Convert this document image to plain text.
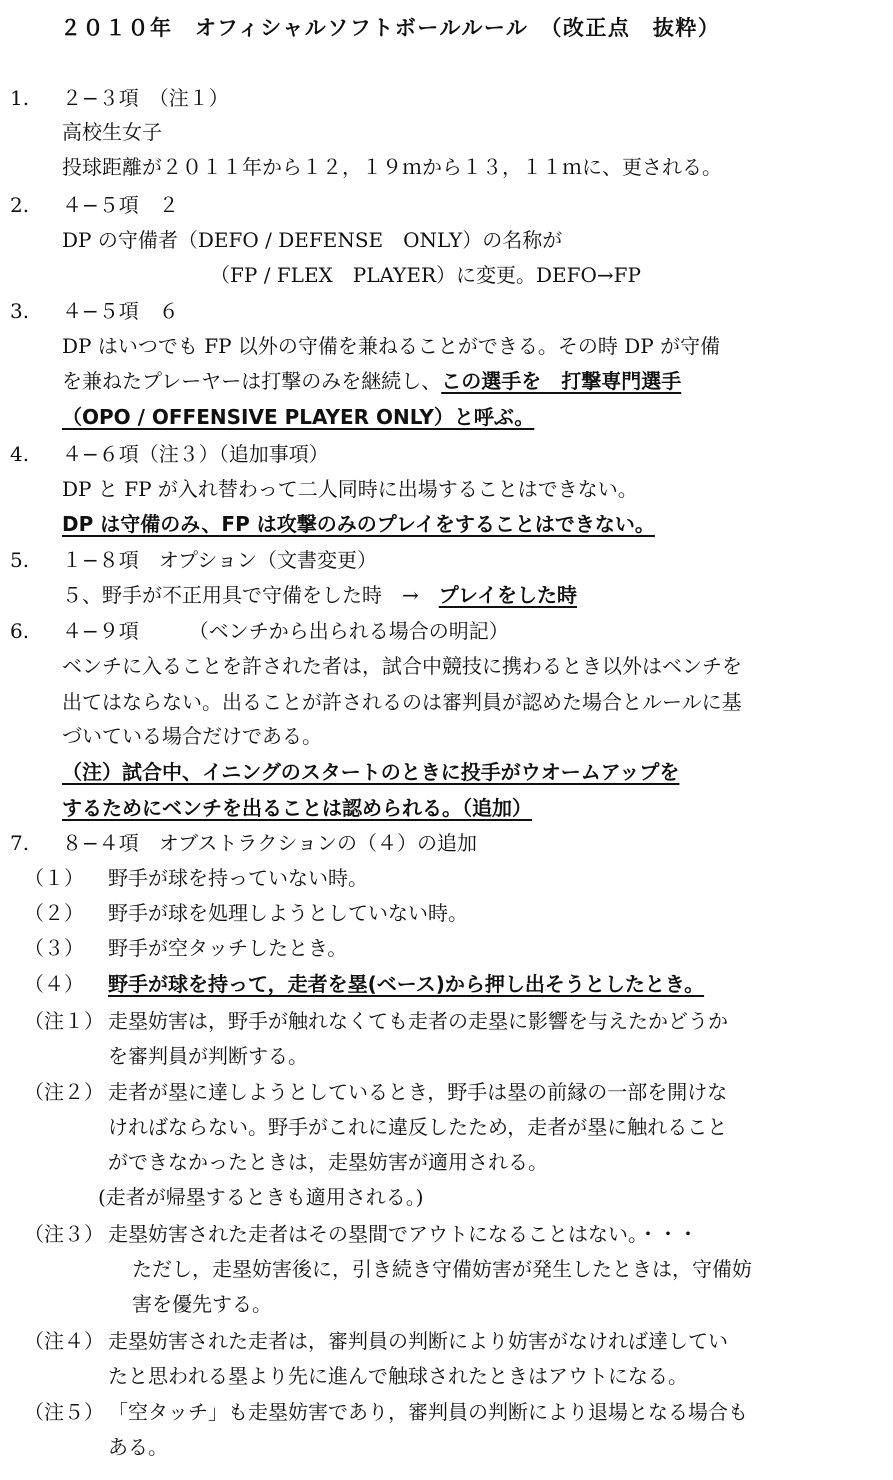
２０１０年　オフィシャルソフトボールルール　（改正点　抜粋）
1. ２−３項　（注１）
高校生女子
投球距離が２０１１年から１２，１９ｍから１３，１１ｍに、更される。
2. ４−５項　２
DP の守備者（DEFO / DEFENSE　ONLY）の名称が
（FP / FLEX　PLAYER）に変更。DEFO→FP
3. ４−５項　６
DP はいつでも FP 以外の守備を兼ねることができる。その時 DP が守備
を兼ねたプレーヤーは打撃のみを継続し、この選手を　打撃専門選手
（OPO / OFFENSIVE PLAYER ONLY）と呼ぶ。
4. ４−６項（注３）（追加事項）
DP と FP が入れ替わって二人同時に出場することはできない。
DP は守備のみ、FP は攻撃のみのプレイをすることはできない。
5. １−８項　オプション（文書変更）
５、野手が不正用具で守備をした時　→　プレイをした時
6. ４−９項　　　（ベンチから出られる場合の明記）
ベンチに入ることを許された者は，試合中競技に携わるとき以外はベンチを
出てはならない。出ることが許されるのは審判員が認めた場合とルールに基
づいている場合だけである。
（注）試合中、イニングのスタートのときに投手がウオームアップを
するためにベンチを出ることは認められる。（追加）
7. ８−４項　オブストラクションの（４）の追加
（１） 野手が球を持っていない時。
（２） 野手が球を処理しようとしていない時。
（３） 野手が空タッチしたとき。
（４） 野手が球を持って，走者を塁(ベース)から押し出そうとしたとき。
（注１） 走塁妨害は，野手が触れなくても走者の走塁に影響を与えたかどうか
を審判員が判断する。
（注２） 走者が塁に達しようとしているとき，野手は塁の前縁の一部を開けな
ければならない。野手がこれに違反したため，走者が塁に触れること
ができなかったときは，走塁妨害が適用される。
(走者が帰塁するときも適用される。)
（注３） 走塁妨害された走者はその塁間でアウトになることはない。・・・
ただし，走塁妨害後に，引き続き守備妨害が発生したときは，守備妨
害を優先する。
（注４） 走塁妨害された走者は，審判員の判断により妨害がなければ達してい
たと思われる塁より先に進んで触球されたときはアウトになる。
（注５） 「空タッチ」も走塁妨害であり，審判員の判断により退場となる場合も
ある。
